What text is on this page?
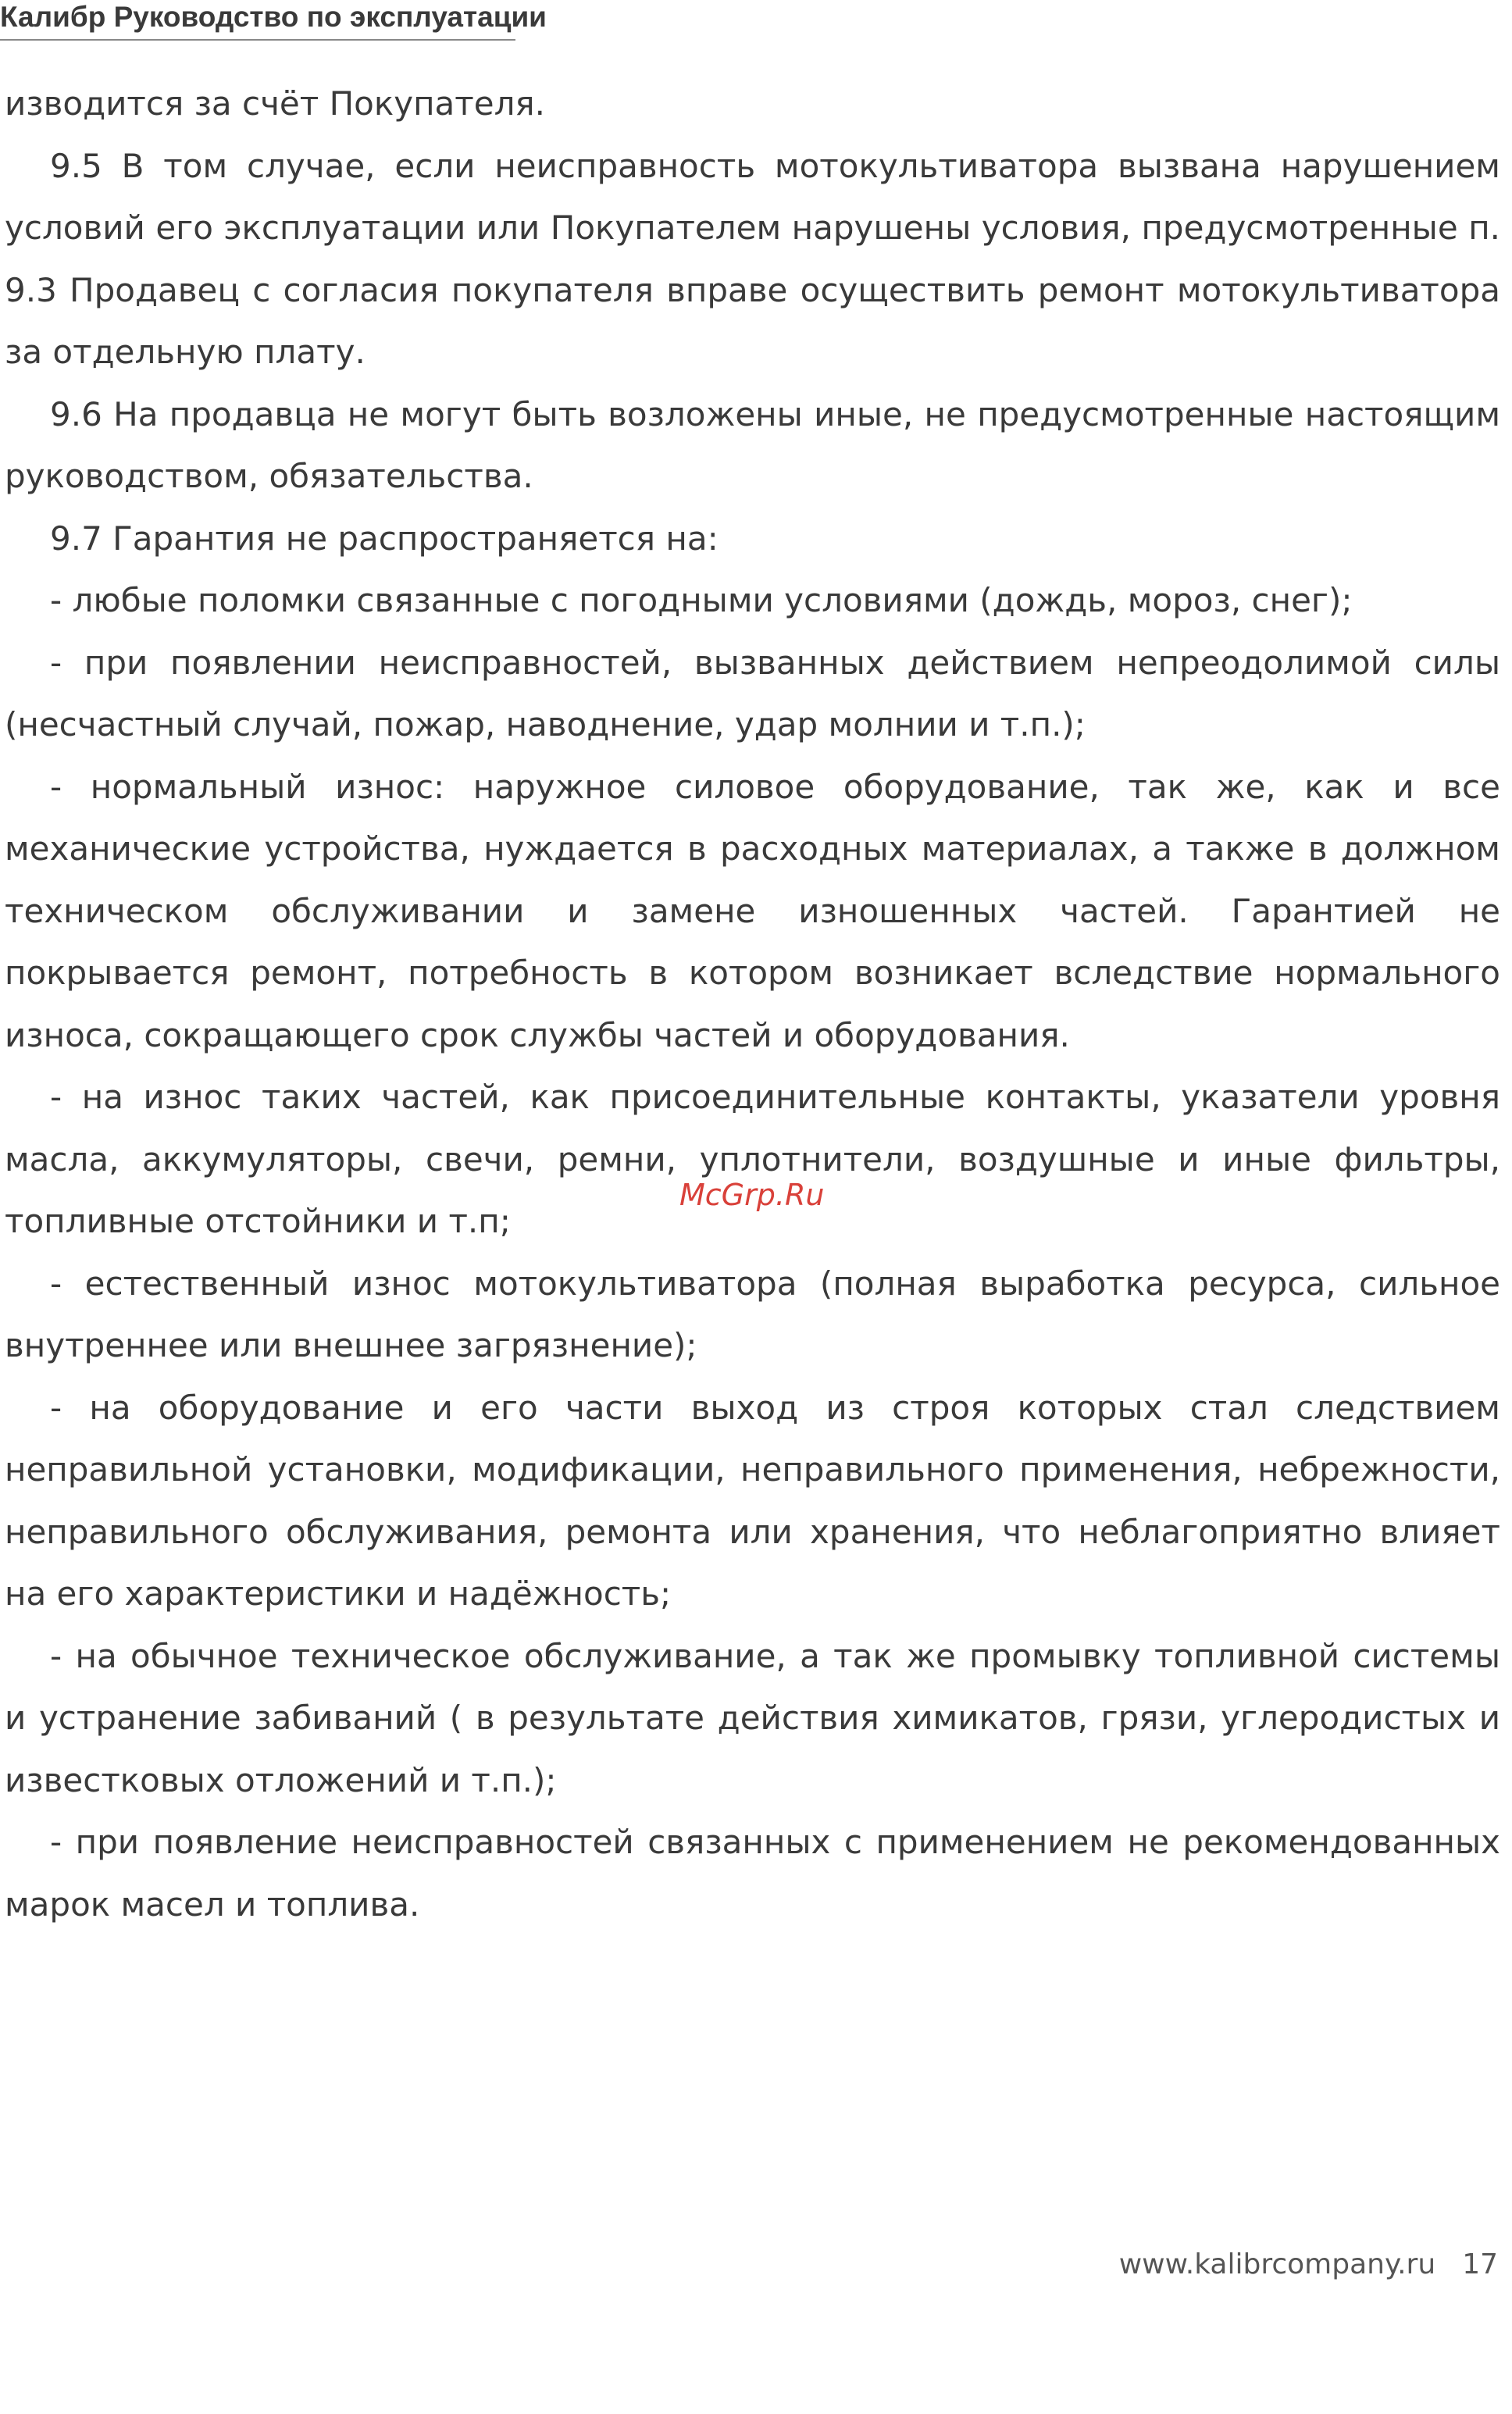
Калибр Руководство по эксплуатации

изводится за счёт Покупателя.

9.5 В том случае, если неисправность мотокультиватора вызвана нарушением условий его эксплуатации или Покупателем нарушены условия, предусмотренные п. 9.3 Продавец с согласия покупателя вправе осуществить ремонт мотокультиватора за отдельную плату.

9.6 На продавца не могут быть возложены иные, не предусмотренные настоящим руководством, обязательства.

9.7 Гарантия не распространяется на:

- любые поломки связанные с погодными условиями (дождь, мороз, снег);

- при появлении неисправностей, вызванных действием непреодолимой силы (несчастный случай, пожар, наводнение, удар молнии и т.п.);

- нормальный износ: наружное силовое оборудование, так же, как и все механические устройства, нуждается в расходных материалах, а также в должном техническом обслуживании и замене изношенных частей. Гарантией не покрывается ремонт, потребность в котором возникает вследствие нормального износа, сокращающего срок службы частей и оборудования.

- на износ таких частей, как присоединительные контакты, указатели уровня масла, аккумуляторы, свечи, ремни, уплотнители, воздушные и иные фильтры, топливные отстойники и т.п;

- естественный износ мотокультиватора (полная выработка ресурса, сильное внутреннее или внешнее загрязнение);

- на оборудование и его части выход из строя которых стал следствием неправильной установки, модификации, неправильного применения, небрежности, неправильного обслуживания, ремонта или хранения, что неблагоприятно влияет на его характеристики и надёжность;

- на обычное техническое обслуживание, а так же промывку топливной системы и устранение забиваний ( в результате действия химикатов, грязи, углеродистых и известковых отложений и т.п.);

- при появление неисправностей связанных с применением не рекомендованных марок масел и топлива.

McGrp.Ru
www.kalibrcompany.ru 17
